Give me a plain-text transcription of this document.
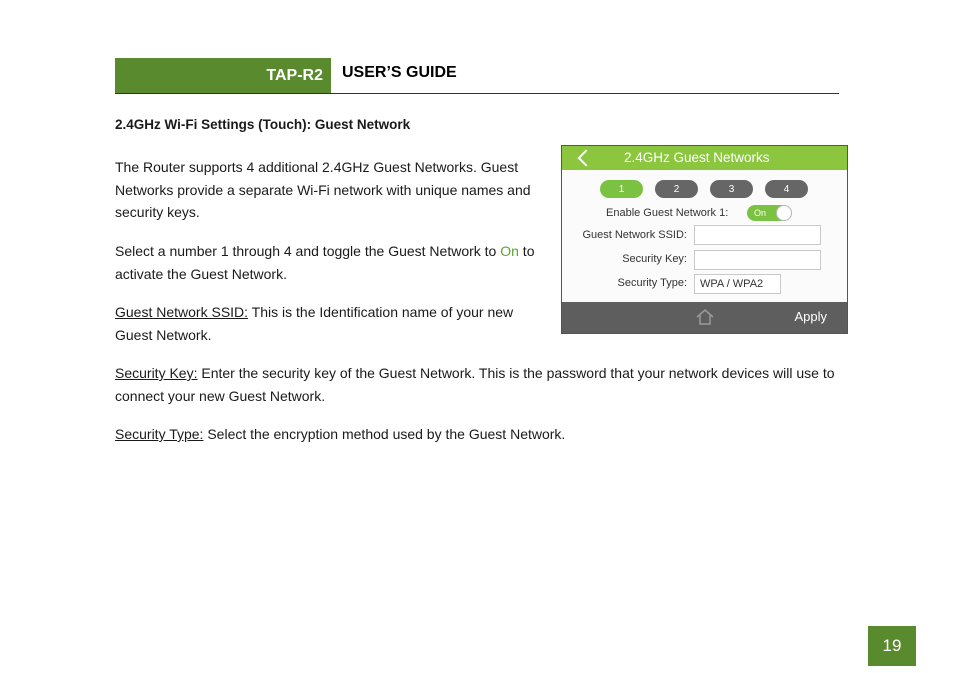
TAP-R2	USER’S GUIDE
2.4GHz Wi-Fi Settings (Touch): Guest Network
The Router supports 4 additional 2.4GHz Guest Networks. Guest Networks provide a separate Wi-Fi network with unique names and security keys.
Select a number 1 through 4 and toggle the Guest Network to On to activate the Guest Network.
Guest Network SSID: This is the Identification name of your new Guest Network.
Security Key: Enter the security key of the Guest Network. This is the password that your network devices will use to connect your new Guest Network.
Security Type: Select the encryption method used by the Guest Network.
2.4GHz Guest Networks
1	2	3	4
Enable Guest Network 1:	On
Guest Network SSID:
Security Key:
Security Type:	WPA / WPA2
Apply
19
